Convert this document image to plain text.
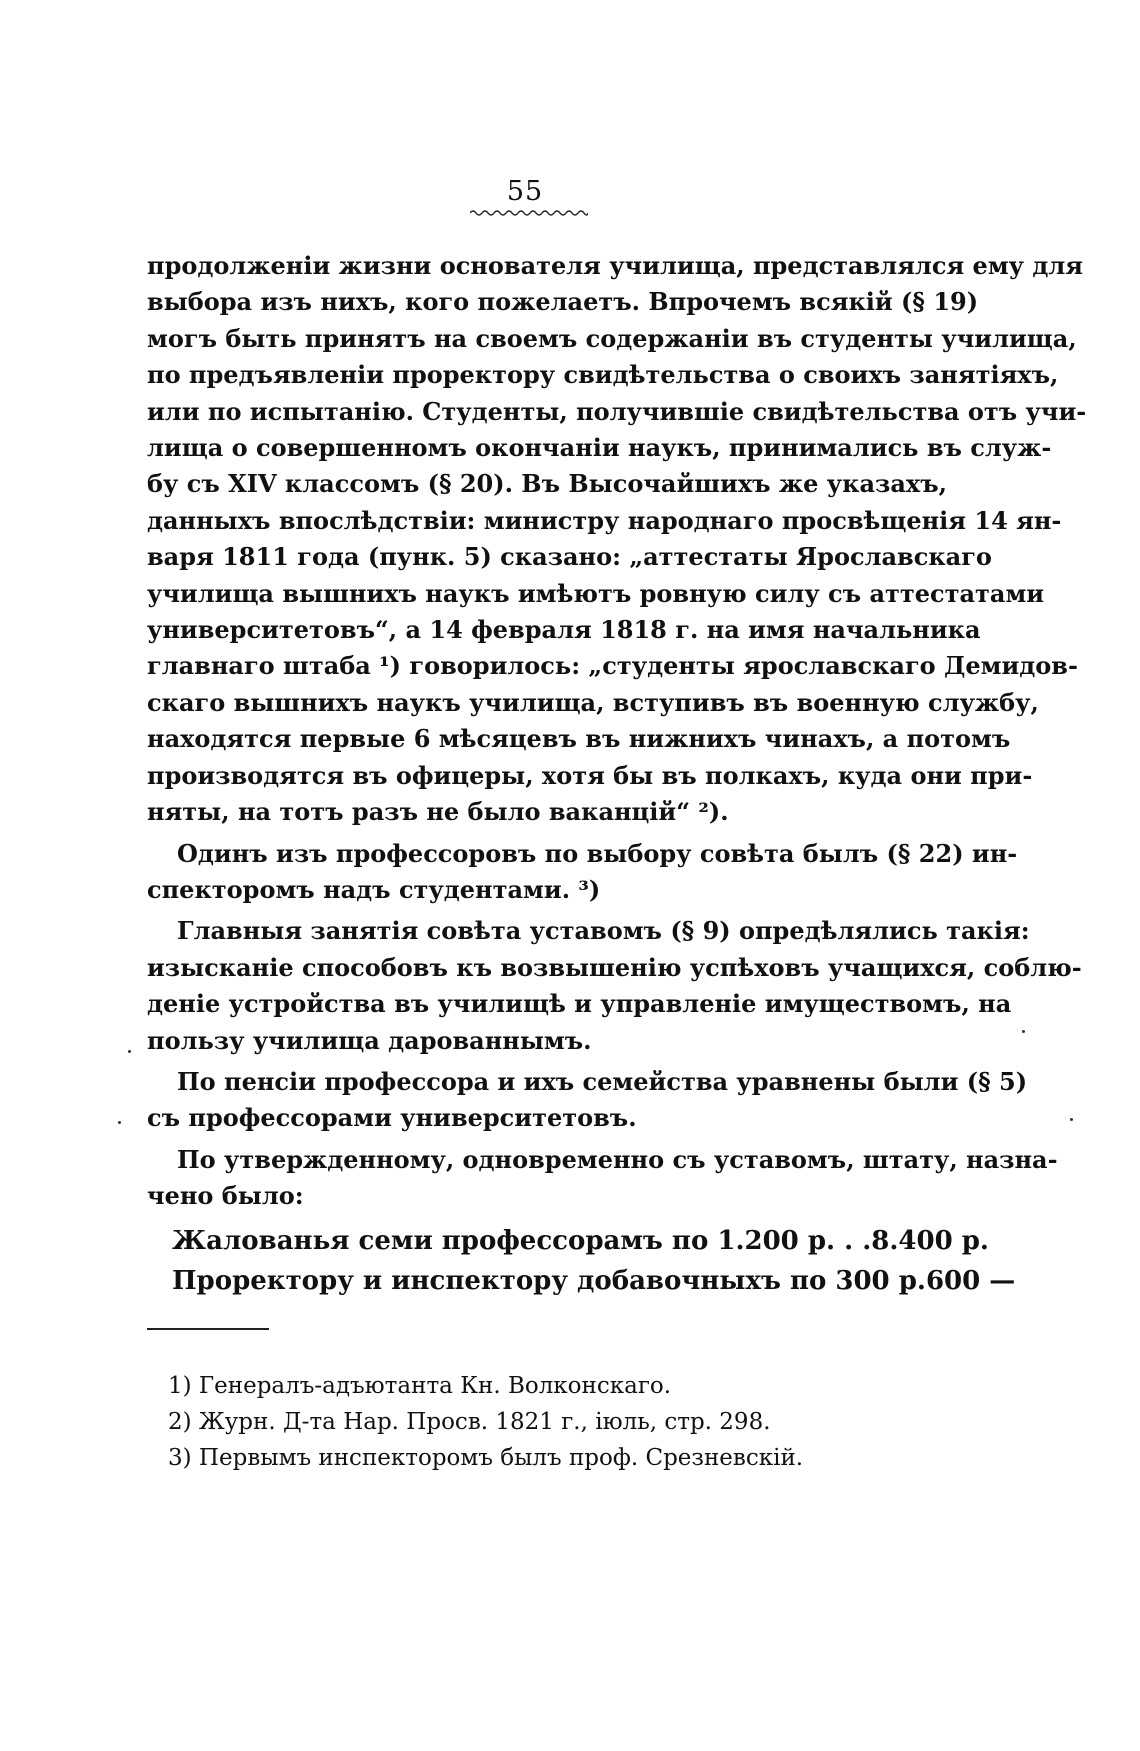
55
продолженіи жизни основателя училища, представлялся ему для
выбора изъ нихъ, кого пожелаетъ. Впрочемъ всякій (§ 19)
могъ быть принятъ на своемъ содержаніи въ студенты училища,
по предъявленіи проректору свидѣтельства о своихъ занятіяхъ,
или по испытанію. Студенты, получившіе свидѣтельства отъ учи-
лища о совершенномъ окончаніи наукъ, принимались въ служ-
бу съ XIV классомъ (§ 20). Въ Высочайшихъ же указахъ,
данныхъ впослѣдствіи: министру народнаго просвѣщенія 14 ян-
варя 1811 года (пунк. 5) сказано: „аттестаты Ярославскаго
училища вышнихъ наукъ имѣютъ ровную силу съ аттестатами
университетовъ“, а 14 февраля 1818 г. на имя начальника
главнаго штаба ¹) говорилось: „студенты ярославскаго Демидов-
скаго вышнихъ наукъ училища, вступивъ въ военную службу,
находятся первые 6 мѣсяцевъ въ нижнихъ чинахъ, а потомъ
производятся въ офицеры, хотя бы въ полкахъ, куда они при-
няты, на тотъ разъ не было ваканцій“ ²).
Одинъ изъ профессоровъ по выбору совѣта былъ (§ 22) ин-
спекторомъ надъ студентами. ³)
Главныя занятія совѣта уставомъ (§ 9) опредѣлялись такія:
изысканіе способовъ къ возвышенію успѣховъ учащихся, соблю-
деніе устройства въ училищѣ и управленіе имуществомъ, на
пользу училища дарованнымъ.
По пенсіи профессора и ихъ семейства уравнены были (§ 5)
съ профессорами университетовъ.
По утвержденному, одновременно съ уставомъ, штату, назна-
чено было:
Жалованья семи профессорамъ по 1.200 р. . . 8.400 р.
Проректору и инспектору добавочныхъ по 300 р. 600 —
1) Генералъ-адъютанта Кн. Волконскаго.
2) Журн. Д-та Нар. Просв. 1821 г., іюль, стр. 298.
3) Первымъ инспекторомъ былъ проф. Срезневскій.
